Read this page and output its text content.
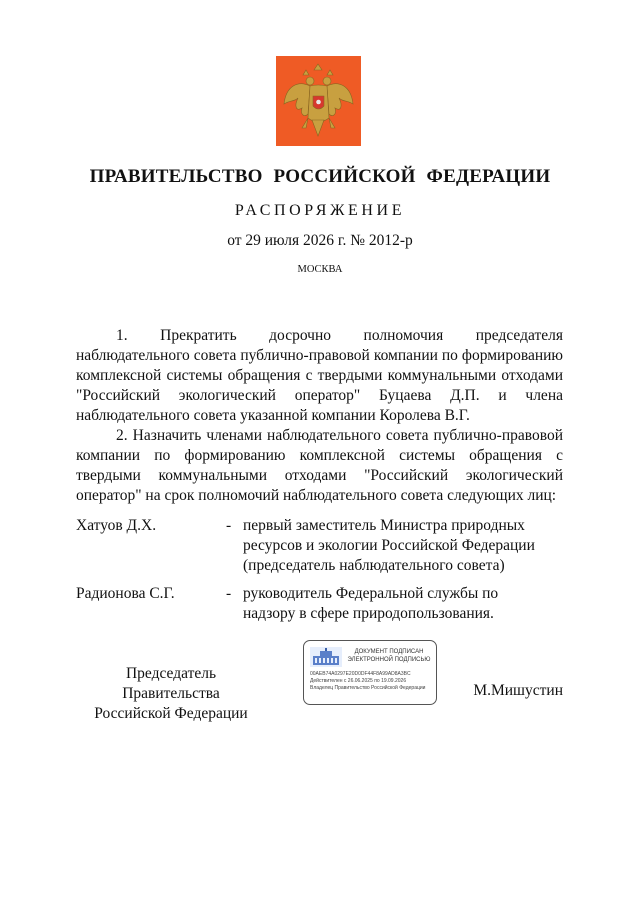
ПРАВИТЕЛЬСТВО РОССИЙСКОЙ ФЕДЕРАЦИИ
РАСПОРЯЖЕНИЕ
от 29 июля 2026 г. № 2012-р
МОСКВА

1. Прекратить досрочно полномочия председателя наблюдательного совета публично-правовой компании по формированию комплексной системы обращения с твердыми коммунальными отходами "Российский экологический оператор" Буцаева Д.П. и члена наблюдательного совета указанной компании Королева В.Г.

2. Назначить членами наблюдательного совета публично-правовой компании по формированию комплексной системы обращения с твердыми коммунальными отходами "Российский экологический оператор" на срок полномочий наблюдательного совета следующих лиц:

Хатуов Д.Х.	- первый заместитель Министра природных ресурсов и экологии Российской Федерации (председатель наблюдательного совета)
Радионова С.Г.	- руководитель Федеральной службы по надзору в сфере природопользования.
Председатель Правительства
Российской Федерации
ДОКУМЕНТ ПОДПИСАН
ЭЛЕКТРОННОЙ ПОДПИСЬЮ
00AEB74A0297E20D0DF44F8A99AD8A3BC
Действителен с 26.06.2025 по 19.09.2026
Владелец Правительство Российской Федерации	М.Мишустин
